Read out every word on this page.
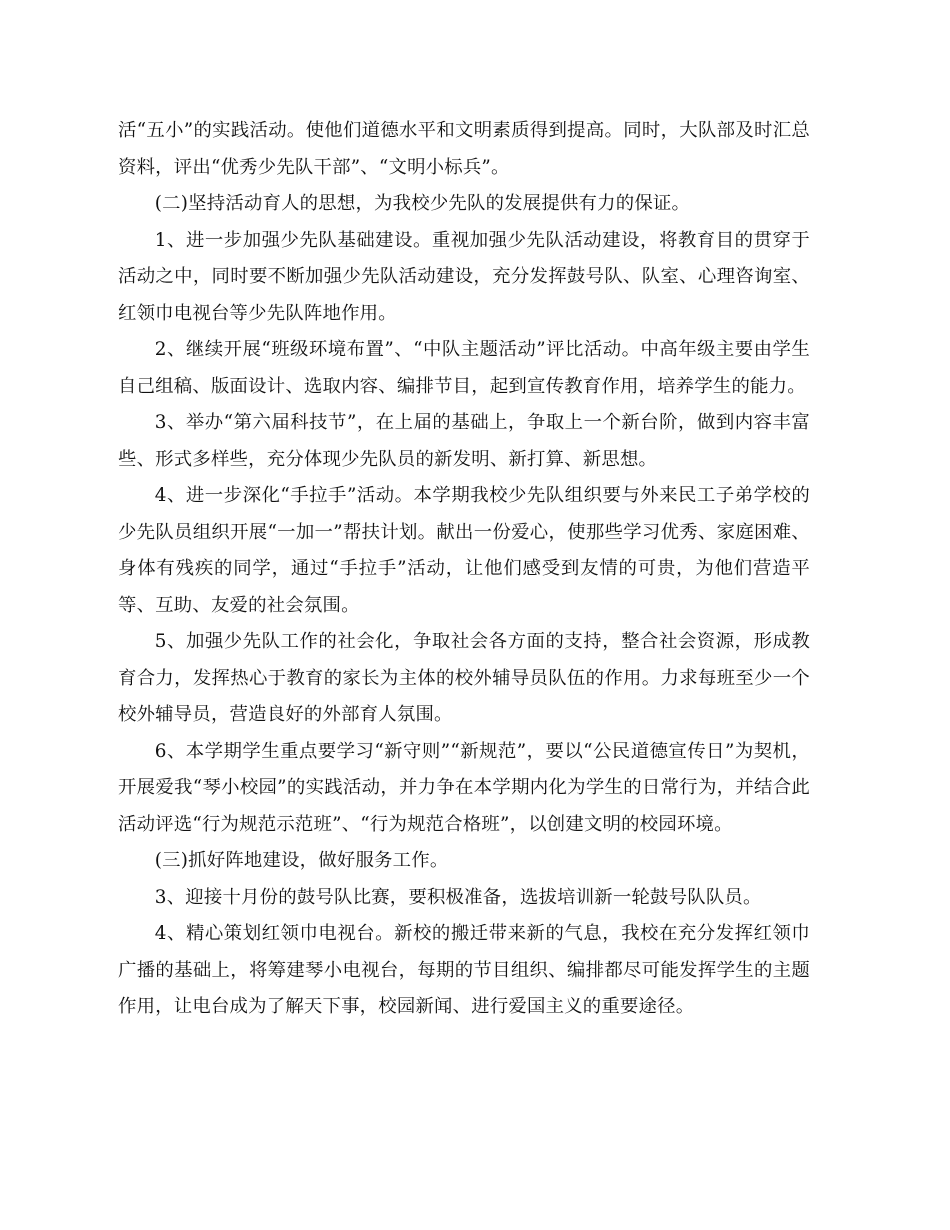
活“五小”的实践活动。使他们道德水平和文明素质得到提高。同时，大队部及时汇总资料，评出“优秀少先队干部”、“文明小标兵”。

(二)坚持活动育人的思想，为我校少先队的发展提供有力的保证。

1、进一步加强少先队基础建设。重视加强少先队活动建设，将教育目的贯穿于活动之中，同时要不断加强少先队活动建设，充分发挥鼓号队、队室、心理咨询室、红领巾电视台等少先队阵地作用。

2、继续开展“班级环境布置”、“中队主题活动”评比活动。中高年级主要由学生自己组稿、版面设计、选取内容、编排节目，起到宣传教育作用，培养学生的能力。

3、举办“第六届科技节”，在上届的基础上，争取上一个新台阶，做到内容丰富些、形式多样些，充分体现少先队员的新发明、新打算、新思想。

4、进一步深化“手拉手”活动。本学期我校少先队组织要与外来民工子弟学校的少先队员组织开展“一加一”帮扶计划。献出一份爱心，使那些学习优秀、家庭困难、身体有残疾的同学，通过“手拉手”活动，让他们感受到友情的可贵，为他们营造平等、互助、友爱的社会氛围。

5、加强少先队工作的社会化，争取社会各方面的支持，整合社会资源，形成教育合力，发挥热心于教育的家长为主体的校外辅导员队伍的作用。力求每班至少一个校外辅导员，营造良好的外部育人氛围。

6、本学期学生重点要学习“新守则”“新规范”，要以“公民道德宣传日”为契机，开展爱我“琴小校园”的实践活动，并力争在本学期内化为学生的日常行为，并结合此活动评选“行为规范示范班”、“行为规范合格班”，以创建文明的校园环境。

(三)抓好阵地建设，做好服务工作。

3、迎接十月份的鼓号队比赛，要积极准备，选拔培训新一轮鼓号队队员。

4、精心策划红领巾电视台。新校的搬迁带来新的气息，我校在充分发挥红领巾广播的基础上，将筹建琴小电视台，每期的节目组织、编排都尽可能发挥学生的主题作用，让电台成为了解天下事，校园新闻、进行爱国主义的重要途径。
